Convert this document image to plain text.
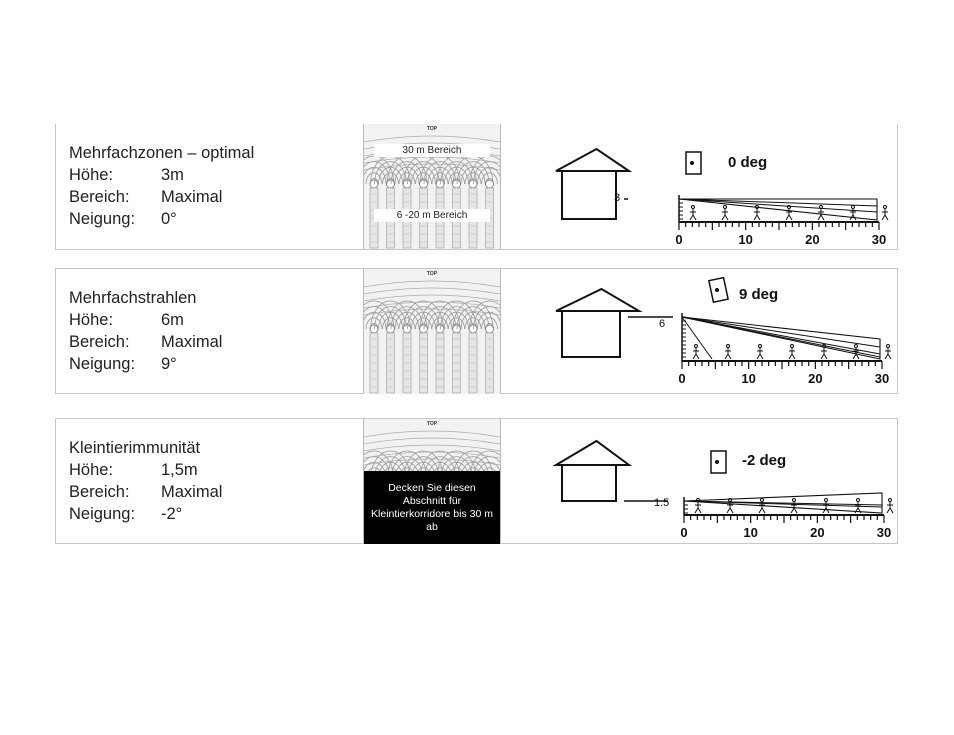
Mehrfachzonen – optimal
Höhe:	3m
Bereich:	Maximal
Neigung:	0°
TOP
30 m Bereich
6 -20 m Bereich
0 deg
3
0	10	20	30
Mehrfachstrahlen
Höhe:	6m
Bereich:	Maximal
Neigung:	9°
TOP
9 deg
6
0	10	20	30
Kleintierimmunität
Höhe:	1,5m
Bereich:	Maximal
Neigung:	-2°
TOP
Decken Sie diesen Abschnitt für Kleintierkorridore bis 30 m ab
-2 deg
1.5
0	10	20	30
